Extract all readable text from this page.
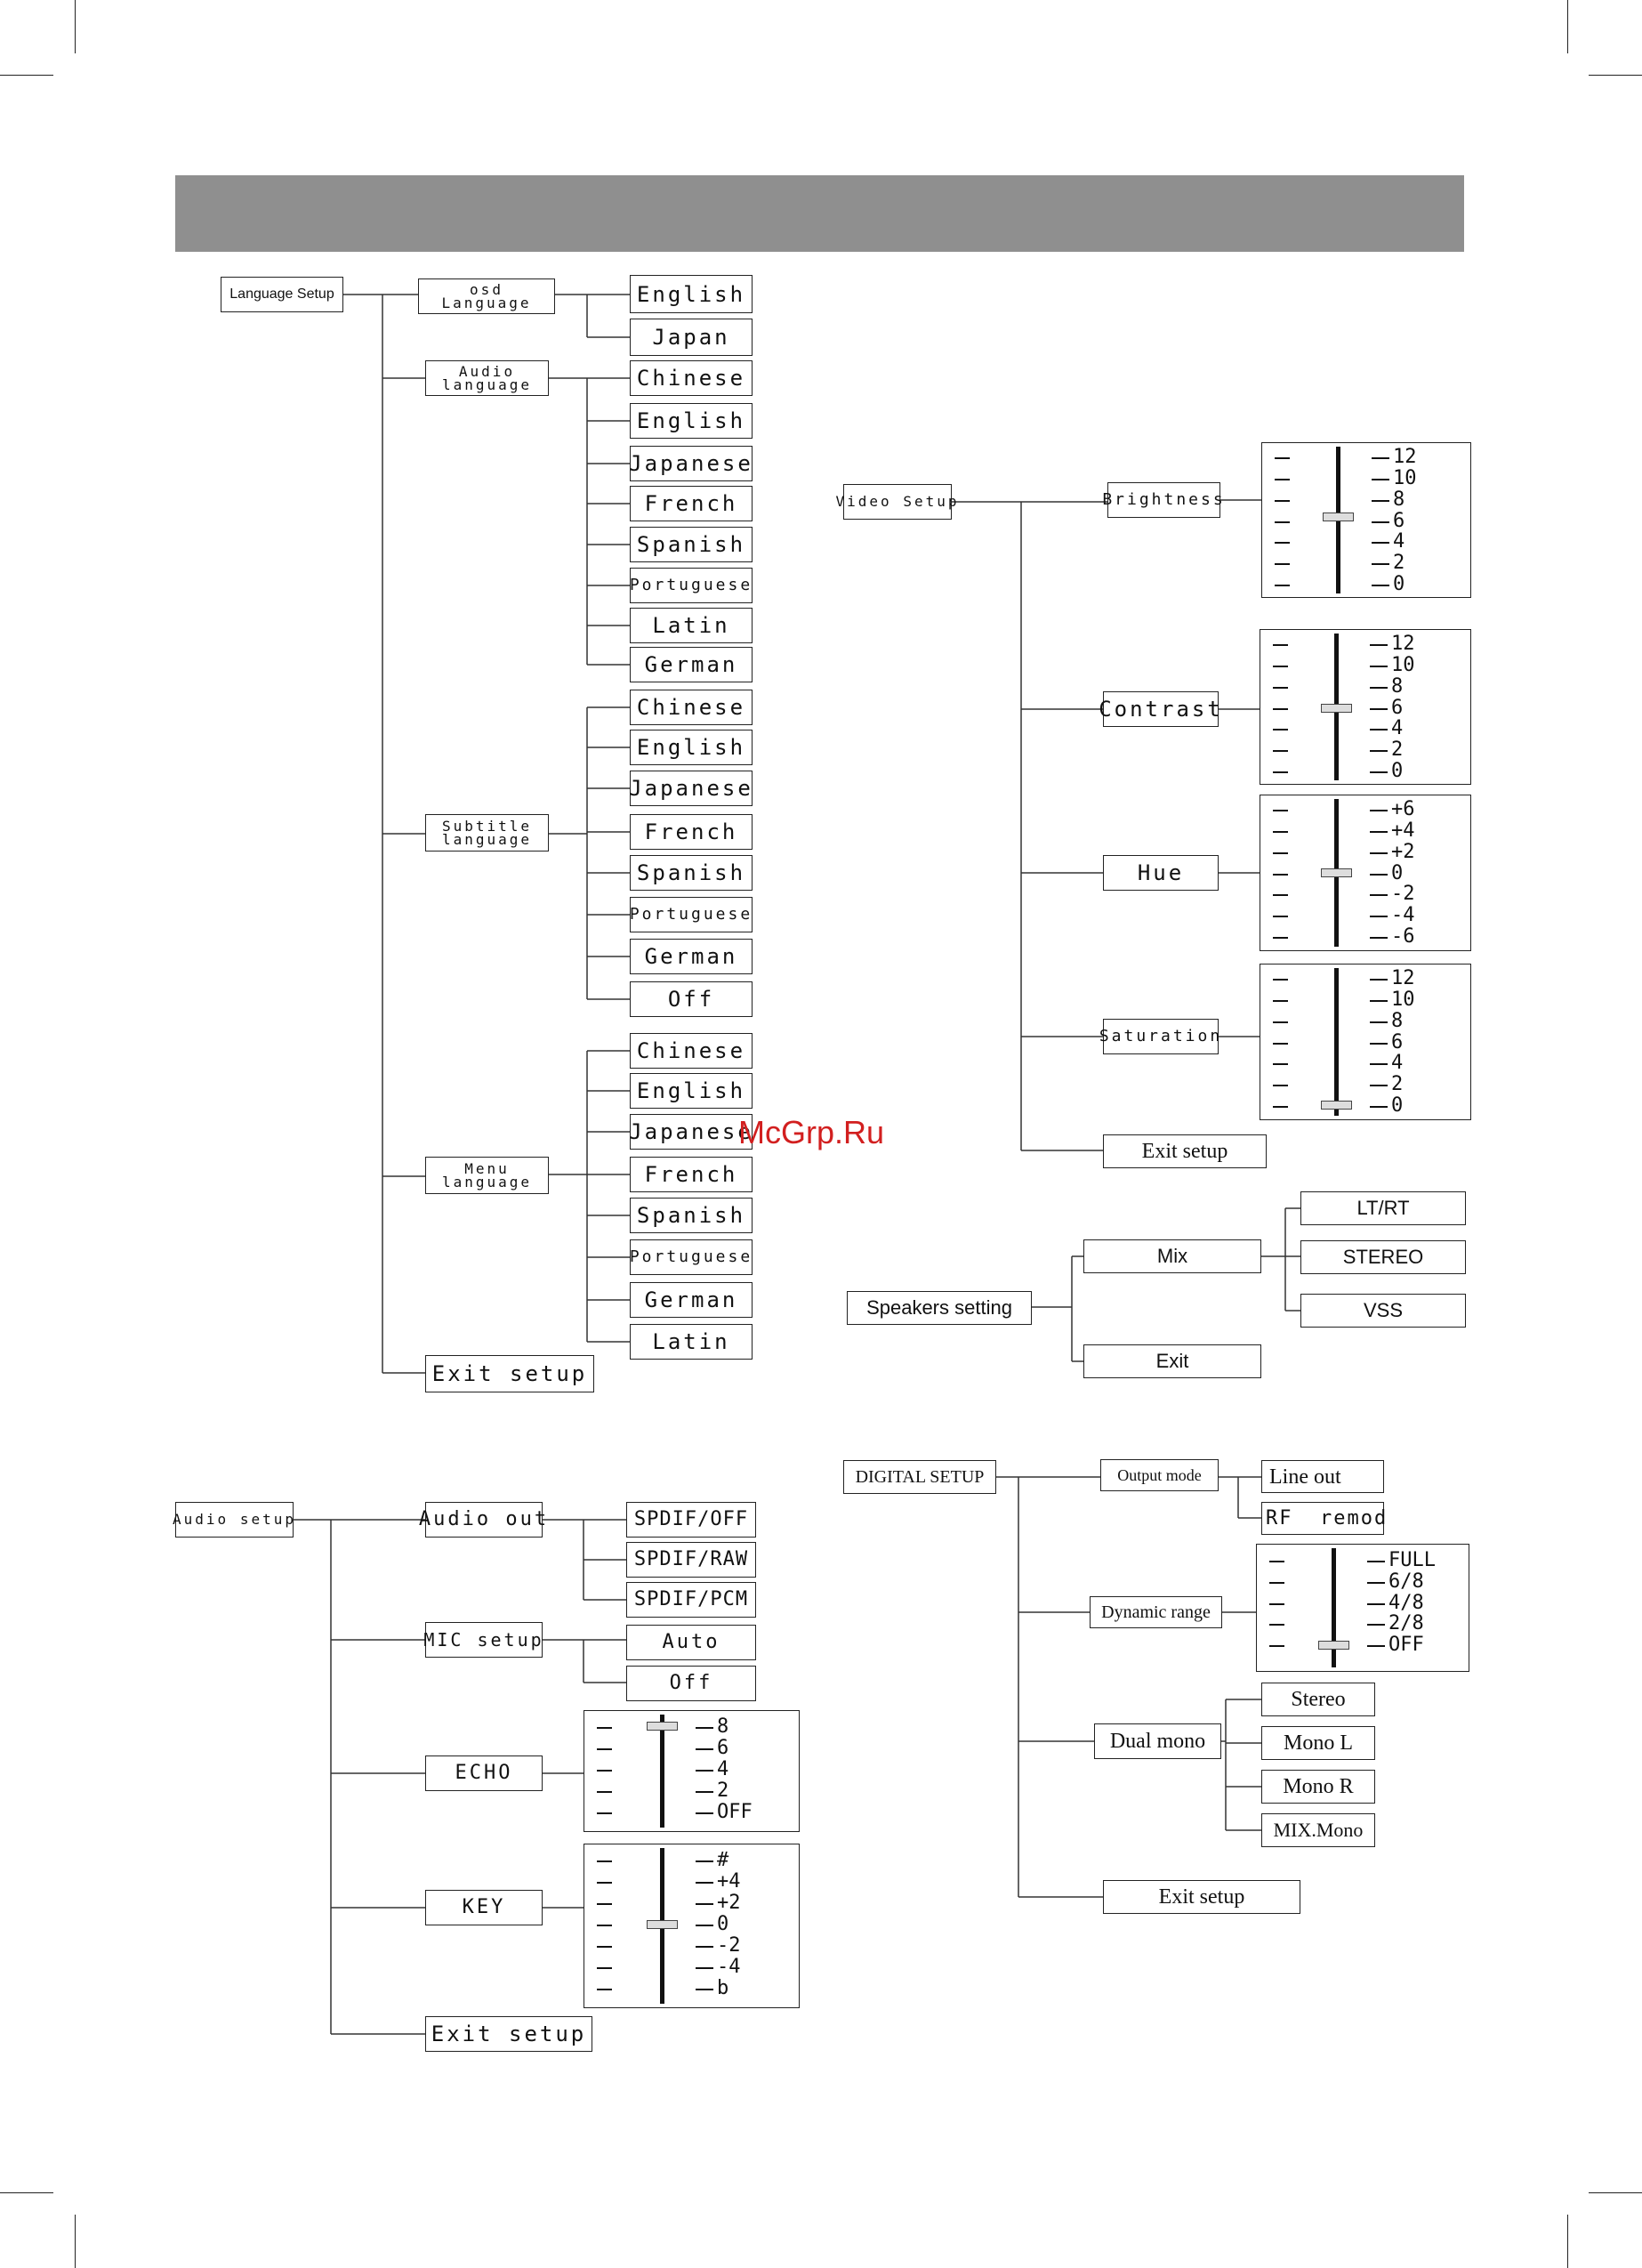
Language Setup	osd
Language	English
Japan
Audio
language	Chinese
English
Japanese
French
Spanish
Portuguese
Latin
German
Subtitle
language
Chinese
English
Japanese
French
Spanish
Portuguese
German
Off
Menu
language
Chinese
English
Japanese
French
Spanish
Portuguese
German
Latin
Exit setup
Video Setup	Brightness
12
10
8
6
4
2
0
Contrast
12
10
8
6
4
2
0
Hue
+6
+4
+2
0
-2
-4
-6
Saturation
12
10
8
6
4
2
0
Exit setup
Speakers setting
Mix
LT/RT
STEREO
VSS
Exit
Audio setup	Audio out	SPDIF/OFF
SPDIF/RAW
SPDIF/PCM
MIC setup	Auto
Off
ECHO
8
6
4
2
OFF
KEY
#
+4
+2
0
-2
-4
b
Exit setup
DIGITAL SETUP	Output mode	Line out
RF  remod
Dynamic range
FULL
6/8
4/8
2/8
OFF
Dual mono
Stereo
Mono L
Mono R
MIX.Mono
Exit setup
McGrp.Ru
